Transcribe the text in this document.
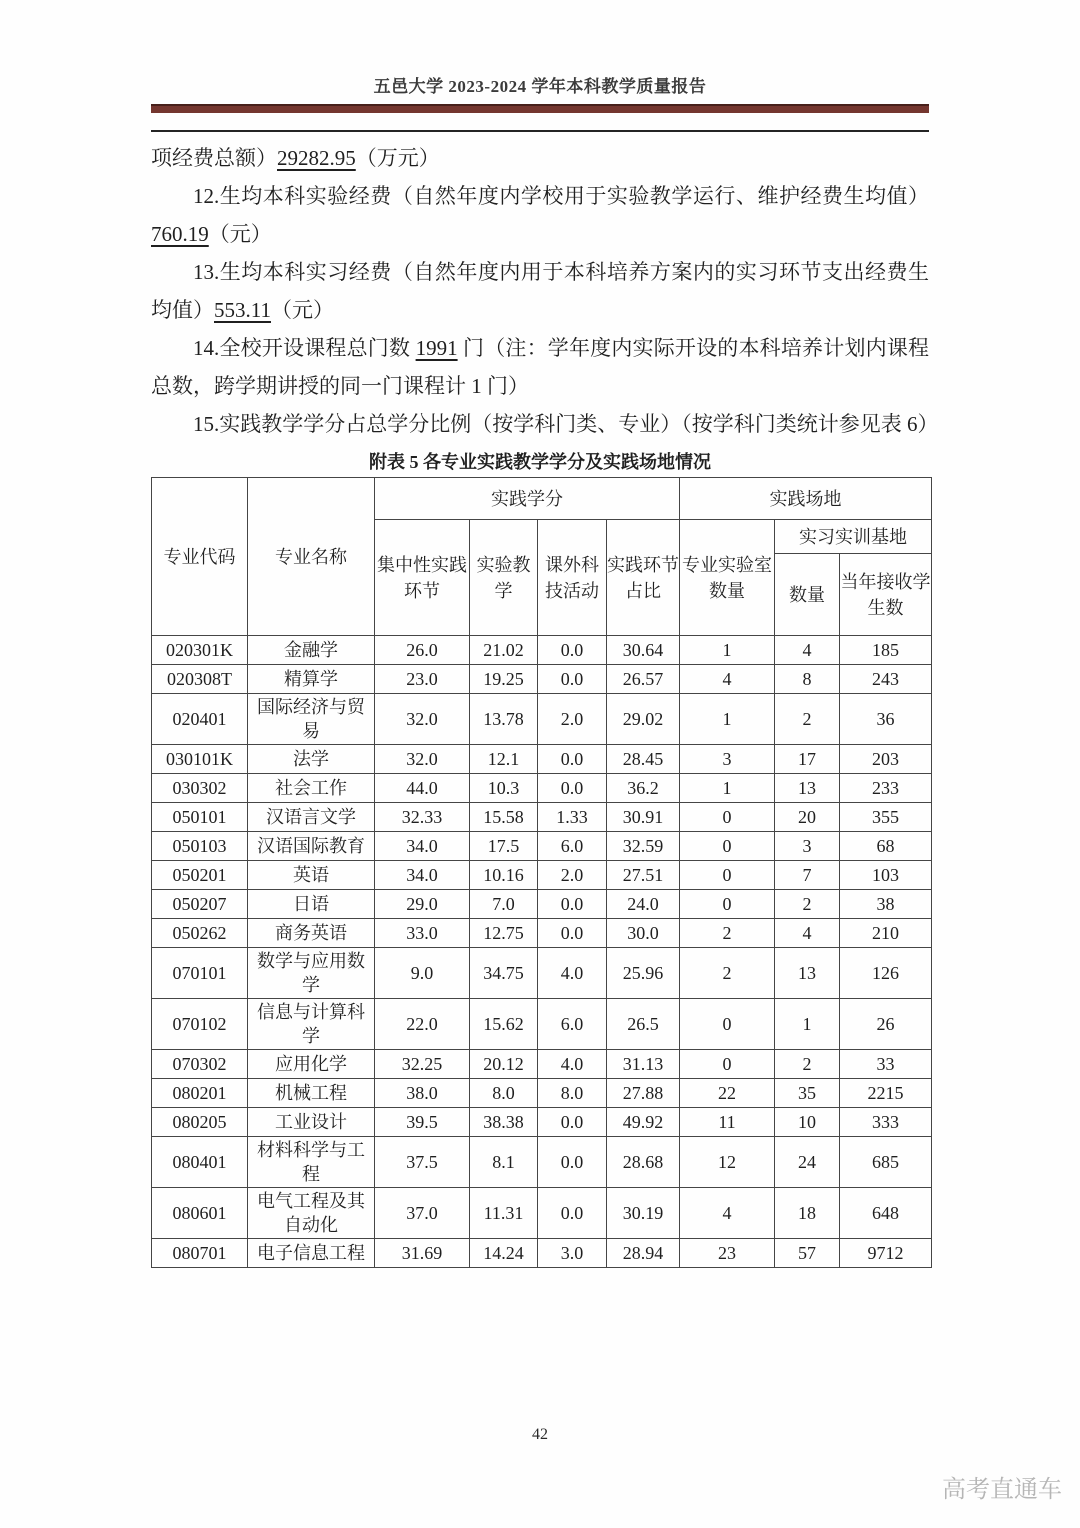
五邑大学 2023-2024 学年本科教学质量报告

项经费总额）29282.95（万元）

12.生均本科实验经费（自然年度内学校用于实验教学运行、维护经费生均值）760.19（元）

13.生均本科实习经费（自然年度内用于本科培养方案内的实习环节支出经费生均值）553.11（元）

14.全校开设课程总门数 1991 门（注：学年度内实际开设的本科培养计划内课程总数，跨学期讲授的同一门课程计 1 门）

15.实践教学学分占总学分比例（按学科门类、专业）（按学科门类统计参见表 6）

附表 5 各专业实践教学学分及实践场地情况
专业代码	专业名称	实践学分				实践场地		
		集中性实践环节	实验教学	课外科技活动	实践环节占比	专业实验室数量	实习实训基地	
							数量	当年接收学生数
020301K	金融学	26.0	21.02	0.0	30.64	1	4	185
020308T	精算学	23.0	19.25	0.0	26.57	4	8	243
020401	国际经济与贸易	32.0	13.78	2.0	29.02	1	2	36
030101K	法学	32.0	12.1	0.0	28.45	3	17	203
030302	社会工作	44.0	10.3	0.0	36.2	1	13	233
050101	汉语言文学	32.33	15.58	1.33	30.91	0	20	355
050103	汉语国际教育	34.0	17.5	6.0	32.59	0	3	68
050201	英语	34.0	10.16	2.0	27.51	0	7	103
050207	日语	29.0	7.0	0.0	24.0	0	2	38
050262	商务英语	33.0	12.75	0.0	30.0	2	4	210
070101	数学与应用数学	9.0	34.75	4.0	25.96	2	13	126
070102	信息与计算科学	22.0	15.62	6.0	26.5	0	1	26
070302	应用化学	32.25	20.12	4.0	31.13	0	2	33
080201	机械工程	38.0	8.0	8.0	27.88	22	35	2215
080205	工业设计	39.5	38.38	0.0	49.92	11	10	333
080401	材料科学与工程	37.5	8.1	0.0	28.68	12	24	685
080601	电气工程及其自动化	37.0	11.31	0.0	30.19	4	18	648
080701	电子信息工程	31.69	14.24	3.0	28.94	23	57	9712
42
高考直通车
